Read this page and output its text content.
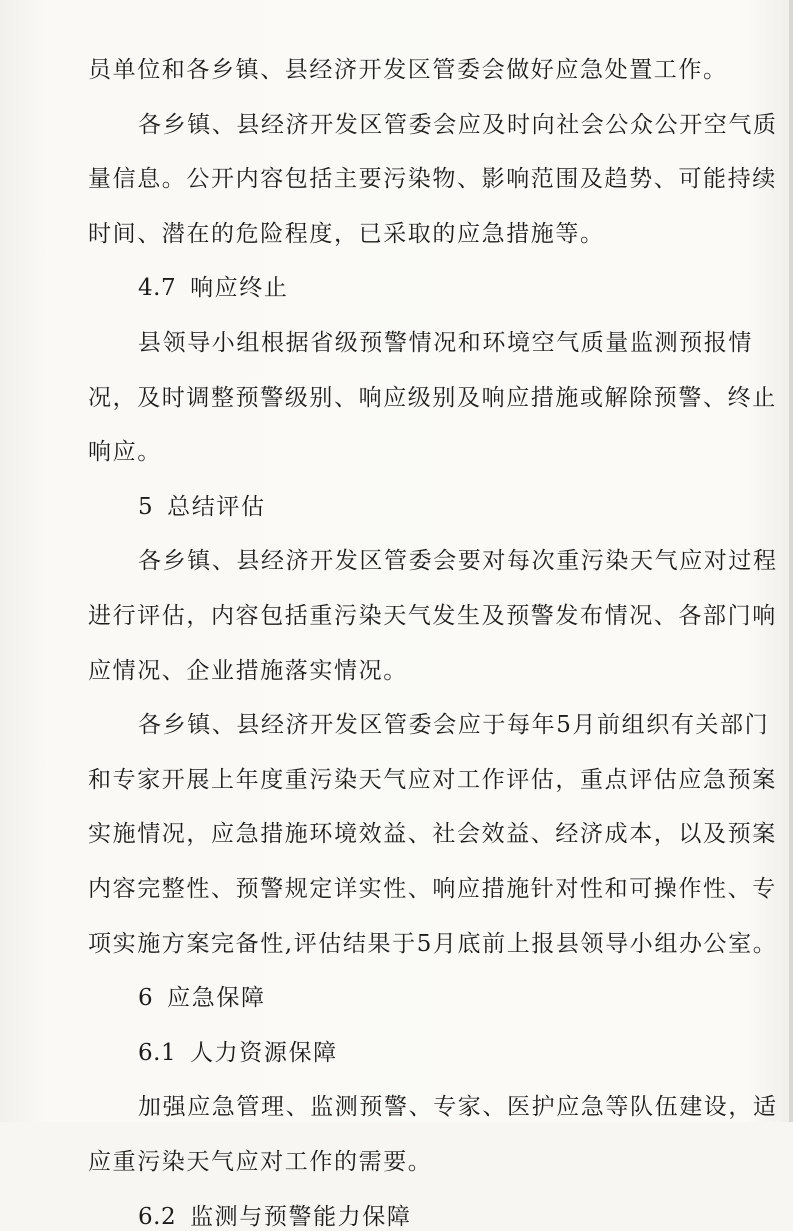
员单位和各乡镇、县经济开发区管委会做好应急处置工作。
各乡镇、县经济开发区管委会应及时向社会公众公开空气质
量信息。公开内容包括主要污染物、影响范围及趋势、可能持续
时间、潜在的危险程度，已采取的应急措施等。
4.7 响应终止
县领导小组根据省级预警情况和环境空气质量监测预报情
况，及时调整预警级别、响应级别及响应措施或解除预警、终止
响应。
5 总结评估
各乡镇、县经济开发区管委会要对每次重污染天气应对过程
进行评估，内容包括重污染天气发生及预警发布情况、各部门响
应情况、企业措施落实情况。
各乡镇、县经济开发区管委会应于每年5月前组织有关部门
和专家开展上年度重污染天气应对工作评估，重点评估应急预案
实施情况，应急措施环境效益、社会效益、经济成本，以及预案
内容完整性、预警规定详实性、响应措施针对性和可操作性、专
项实施方案完备性,评估结果于5月底前上报县领导小组办公室。
6 应急保障
6.1 人力资源保障
加强应急管理、监测预警、专家、医护应急等队伍建设，适
应重污染天气应对工作的需要。
6.2 监测与预警能力保障
